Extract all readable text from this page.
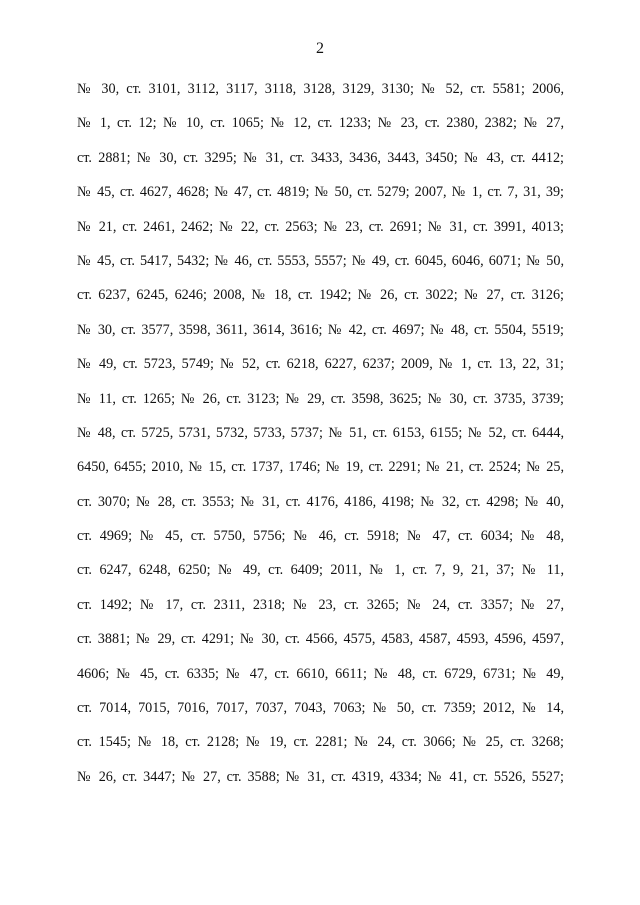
2
№ 30, ст. 3101, 3112, 3117, 3118, 3128, 3129, 3130; № 52, ст. 5581; 2006,
№ 1, ст. 12; № 10, ст. 1065; № 12, ст. 1233; № 23, ст. 2380, 2382; № 27,
ст. 2881; № 30, ст. 3295; № 31, ст. 3433, 3436, 3443, 3450; № 43, ст. 4412;
№ 45, ст. 4627, 4628; № 47, ст. 4819; № 50, ст. 5279; 2007, № 1, ст. 7, 31, 39;
№ 21, ст. 2461, 2462; № 22, ст. 2563; № 23, ст. 2691; № 31, ст. 3991, 4013;
№ 45, ст. 5417, 5432; № 46, ст. 5553, 5557; № 49, ст. 6045, 6046, 6071; № 50,
ст. 6237, 6245, 6246; 2008, № 18, ст. 1942; № 26, ст. 3022; № 27, ст. 3126;
№ 30, ст. 3577, 3598, 3611, 3614, 3616; № 42, ст. 4697; № 48, ст. 5504, 5519;
№ 49, ст. 5723, 5749; № 52, ст. 6218, 6227, 6237; 2009, № 1, ст. 13, 22, 31;
№ 11, ст. 1265; № 26, ст. 3123; № 29, ст. 3598, 3625; № 30, ст. 3735, 3739;
№ 48, ст. 5725, 5731, 5732, 5733, 5737; № 51, ст. 6153, 6155; № 52, ст. 6444,
6450, 6455; 2010, № 15, ст. 1737, 1746; № 19, ст. 2291; № 21, ст. 2524; № 25,
ст. 3070; № 28, ст. 3553; № 31, ст. 4176, 4186, 4198; № 32, ст. 4298; № 40,
ст. 4969; № 45, ст. 5750, 5756; № 46, ст. 5918; № 47, ст. 6034; № 48,
ст. 6247, 6248, 6250; № 49, ст. 6409; 2011, № 1, ст. 7, 9, 21, 37; № 11,
ст. 1492; № 17, ст. 2311, 2318; № 23, ст. 3265; № 24, ст. 3357; № 27,
ст. 3881; № 29, ст. 4291; № 30, ст. 4566, 4575, 4583, 4587, 4593, 4596, 4597,
4606; № 45, ст. 6335; № 47, ст. 6610, 6611; № 48, ст. 6729, 6731; № 49,
ст. 7014, 7015, 7016, 7017, 7037, 7043, 7063; № 50, ст. 7359; 2012, № 14,
ст. 1545; № 18, ст. 2128; № 19, ст. 2281; № 24, ст. 3066; № 25, ст. 3268;
№ 26, ст. 3447; № 27, ст. 3588; № 31, ст. 4319, 4334; № 41, ст. 5526, 5527;
